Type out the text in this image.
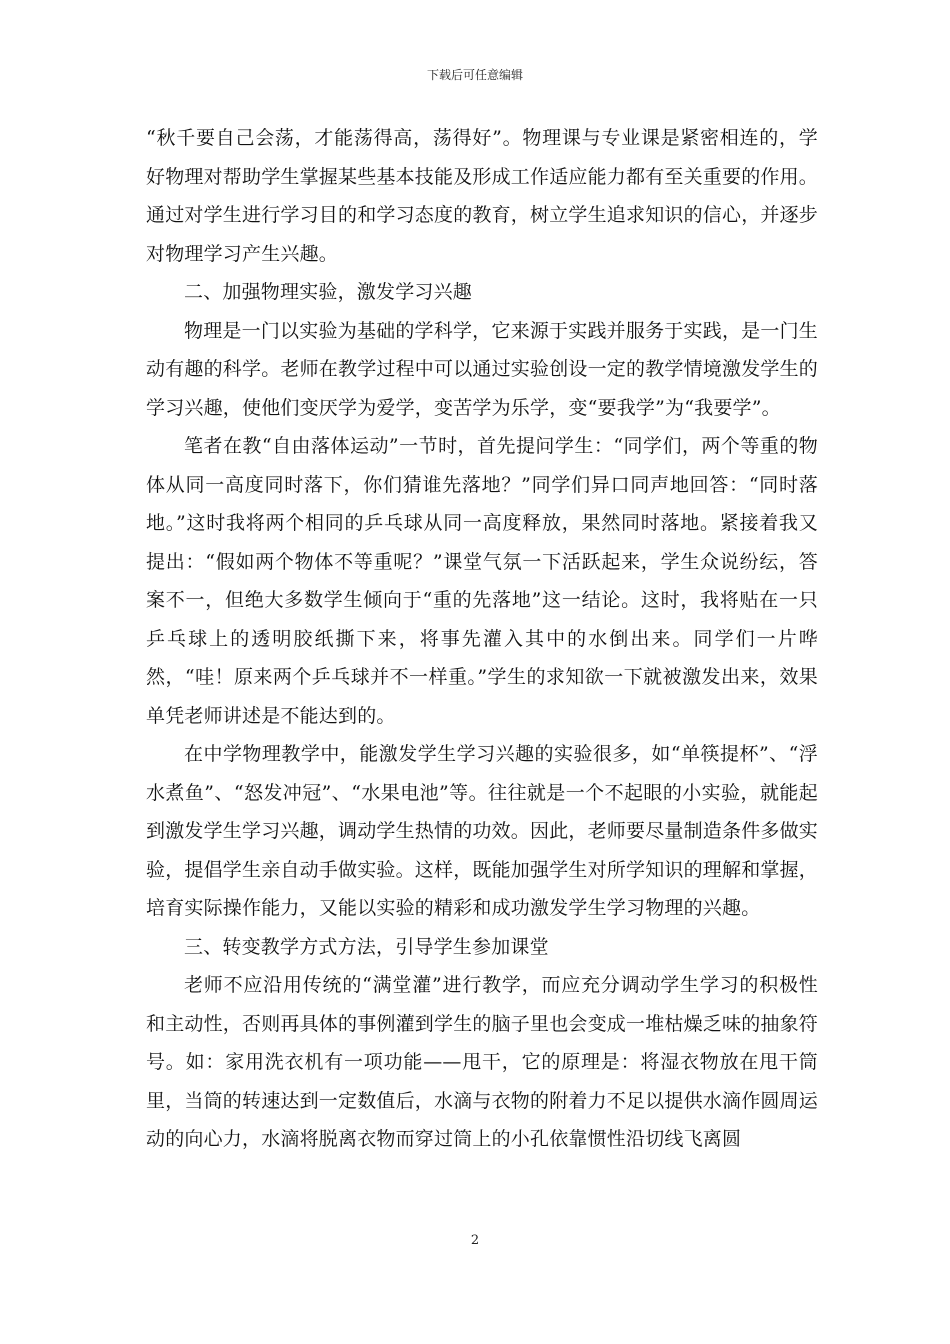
下载后可任意编辑

“秋千要自己会荡，才能荡得高，荡得好”。物理课与专业课是紧密相连的，学好物理对帮助学生掌握某些基本技能及形成工作适应能力都有至关重要的作用。通过对学生进行学习目的和学习态度的教育，树立学生追求知识的信心，并逐步对物理学习产生兴趣。

二、加强物理实验，激发学习兴趣

物理是一门以实验为基础的学科学，它来源于实践并服务于实践，是一门生动有趣的科学。老师在教学过程中可以通过实验创设一定的教学情境激发学生的学习兴趣，使他们变厌学为爱学，变苦学为乐学，变“要我学”为“我要学”。

笔者在教“自由落体运动”一节时，首先提问学生：“同学们，两个等重的物体从同一高度同时落下，你们猜谁先落地？”同学们异口同声地回答：“同时落地。”这时我将两个相同的乒乓球从同一高度释放，果然同时落地。紧接着我又提出：“假如两个物体不等重呢？”课堂气氛一下活跃起来，学生众说纷纭，答案不一，但绝大多数学生倾向于“重的先落地”这一结论。这时，我将贴在一只乒乓球上的透明胶纸撕下来，将事先灌入其中的水倒出来。同学们一片哗然，“哇！原来两个乒乓球并不一样重。”学生的求知欲一下就被激发出来，效果单凭老师讲述是不能达到的。

在中学物理教学中，能激发学生学习兴趣的实验很多，如“单筷提杯”、“浮水煮鱼”、“怒发冲冠”、“水果电池”等。往往就是一个不起眼的小实验，就能起到激发学生学习兴趣，调动学生热情的功效。因此，老师要尽量制造条件多做实验，提倡学生亲自动手做实验。这样，既能加强学生对所学知识的理解和掌握，培育实际操作能力，又能以实验的精彩和成功激发学生学习物理的兴趣。

三、转变教学方式方法，引导学生参加课堂

老师不应沿用传统的“满堂灌”进行教学，而应充分调动学生学习的积极性和主动性，否则再具体的事例灌到学生的脑子里也会变成一堆枯燥乏味的抽象符号。如：家用洗衣机有一项功能——甩干，它的原理是：将湿衣物放在甩干筒里，当筒的转速达到一定数值后，水滴与衣物的附着力不足以提供水滴作圆周运动的向心力，水滴将脱离衣物而穿过筒上的小孔依靠惯性沿切线飞离圆

2
